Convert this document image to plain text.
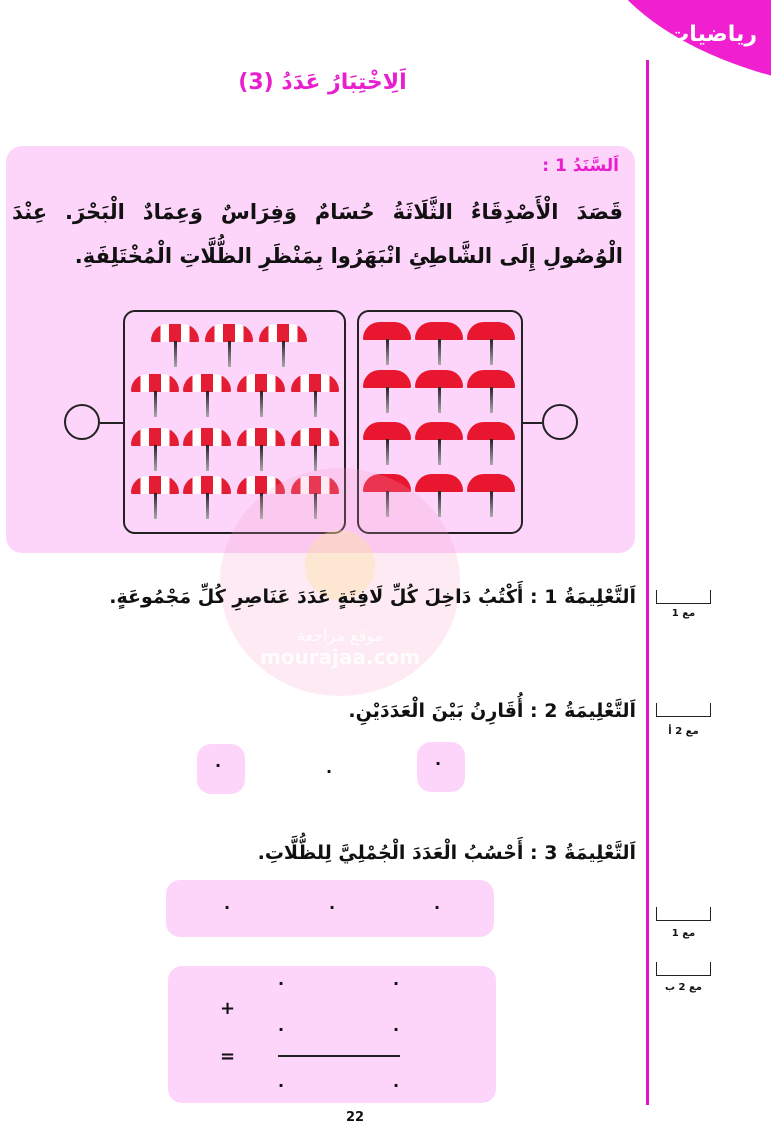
رياضيات
اَلِاخْتِبَارُ عَدَدُ (3)
اَلسَّنَدُ 1 :
قَصَدَ الْأَصْدِقَاءُ الثَّلَاثَةُ حُسَامٌ وَفِرَاسٌ وَعِمَادٌ الْبَحْرَ. عِنْدَ الْوُصُولِ إِلَى الشَّاطِئِ انْبَهَرُوا بِمَنْظَرِ الظُّلَّاتِ الْمُخْتَلِفَةِ.
موقع مراجعة
mourajaa.com
اَلتَّعْلِيمَةُ 1 : أَكْتُبُ دَاخِلَ كُلِّ لَافِتَةٍ عَدَدَ عَنَاصِرِ كُلِّ مَجْمُوعَةٍ.
مع 1
اَلتَّعْلِيمَةُ 2 : أُقَارِنُ بَيْنَ الْعَدَدَيْنِ.
مع 2 أ
·	·	·
اَلتَّعْلِيمَةُ 3 : أَحْسُبُ الْعَدَدَ الْجُمْلِيَّ لِلظُّلَّاتِ.
·	·	·
مع 1
مع 2 ب
·	·
+
·	·
=
·	·
22
